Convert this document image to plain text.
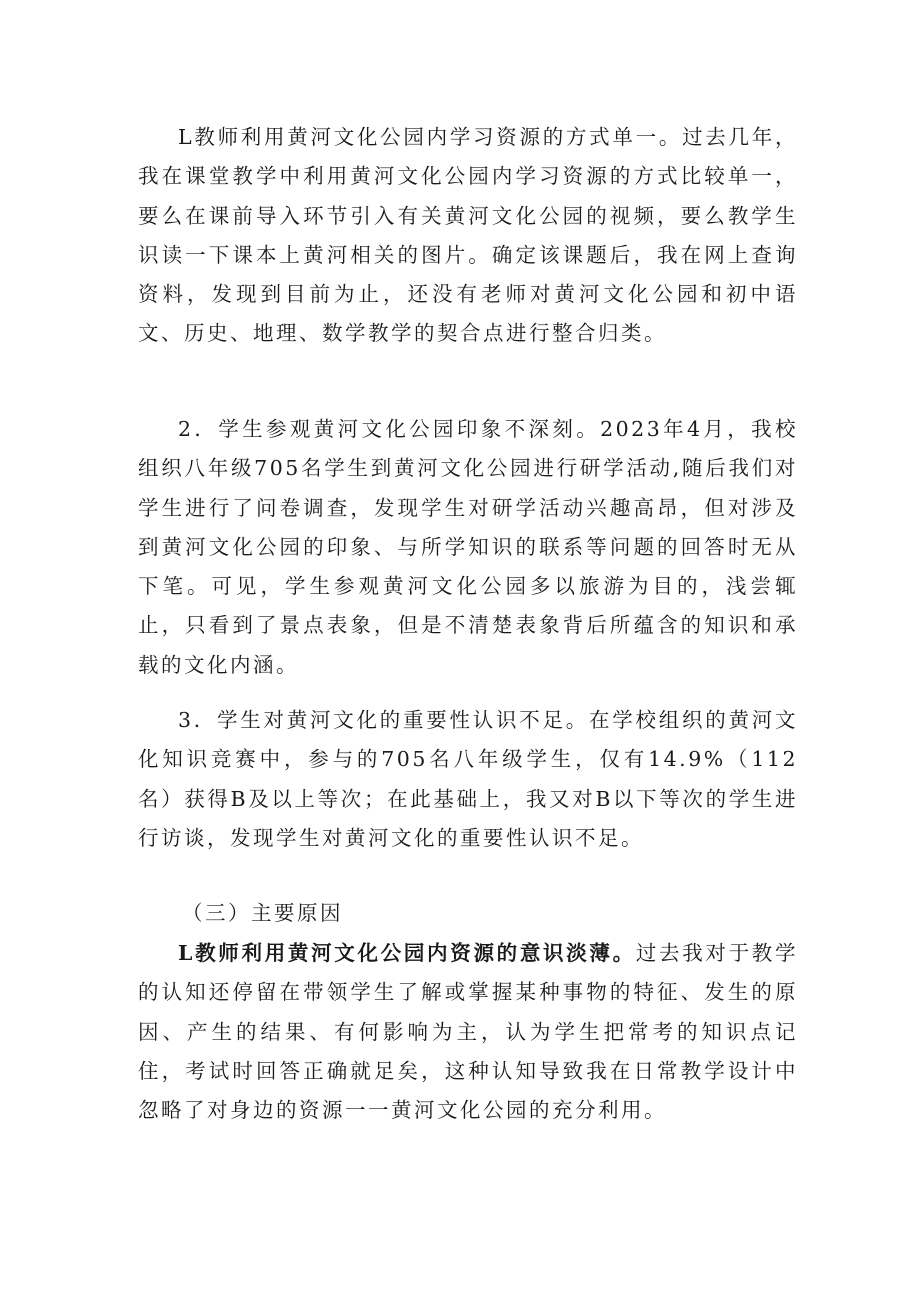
L教师利用黄河文化公园内学习资源的方式单一。过去几年，我在课堂教学中利用黄河文化公园内学习资源的方式比较单一，要么在课前导入环节引入有关黄河文化公园的视频，要么教学生识读一下课本上黄河相关的图片。确定该课题后，我在网上查询资料，发现到目前为止，还没有老师对黄河文化公园和初中语文、历史、地理、数学教学的契合点进行整合归类。

2．学生参观黄河文化公园印象不深刻。2023年4月，我校组织八年级705名学生到黄河文化公园进行研学活动,随后我们对学生进行了问卷调查，发现学生对研学活动兴趣高昂，但对涉及到黄河文化公园的印象、与所学知识的联系等问题的回答时无从下笔。可见，学生参观黄河文化公园多以旅游为目的，浅尝辄止，只看到了景点表象，但是不清楚表象背后所蕴含的知识和承载的文化内涵。

3．学生对黄河文化的重要性认识不足。在学校组织的黄河文化知识竞赛中，参与的705名八年级学生，仅有14.9%（112名）获得B及以上等次；在此基础上，我又对B以下等次的学生进行访谈，发现学生对黄河文化的重要性认识不足。

（三）主要原因

L教师利用黄河文化公园内资源的意识淡薄。过去我对于教学的认知还停留在带领学生了解或掌握某种事物的特征、发生的原因、产生的结果、有何影响为主，认为学生把常考的知识点记住，考试时回答正确就足矣，这种认知导致我在日常教学设计中忽略了对身边的资源一一黄河文化公园的充分利用。
